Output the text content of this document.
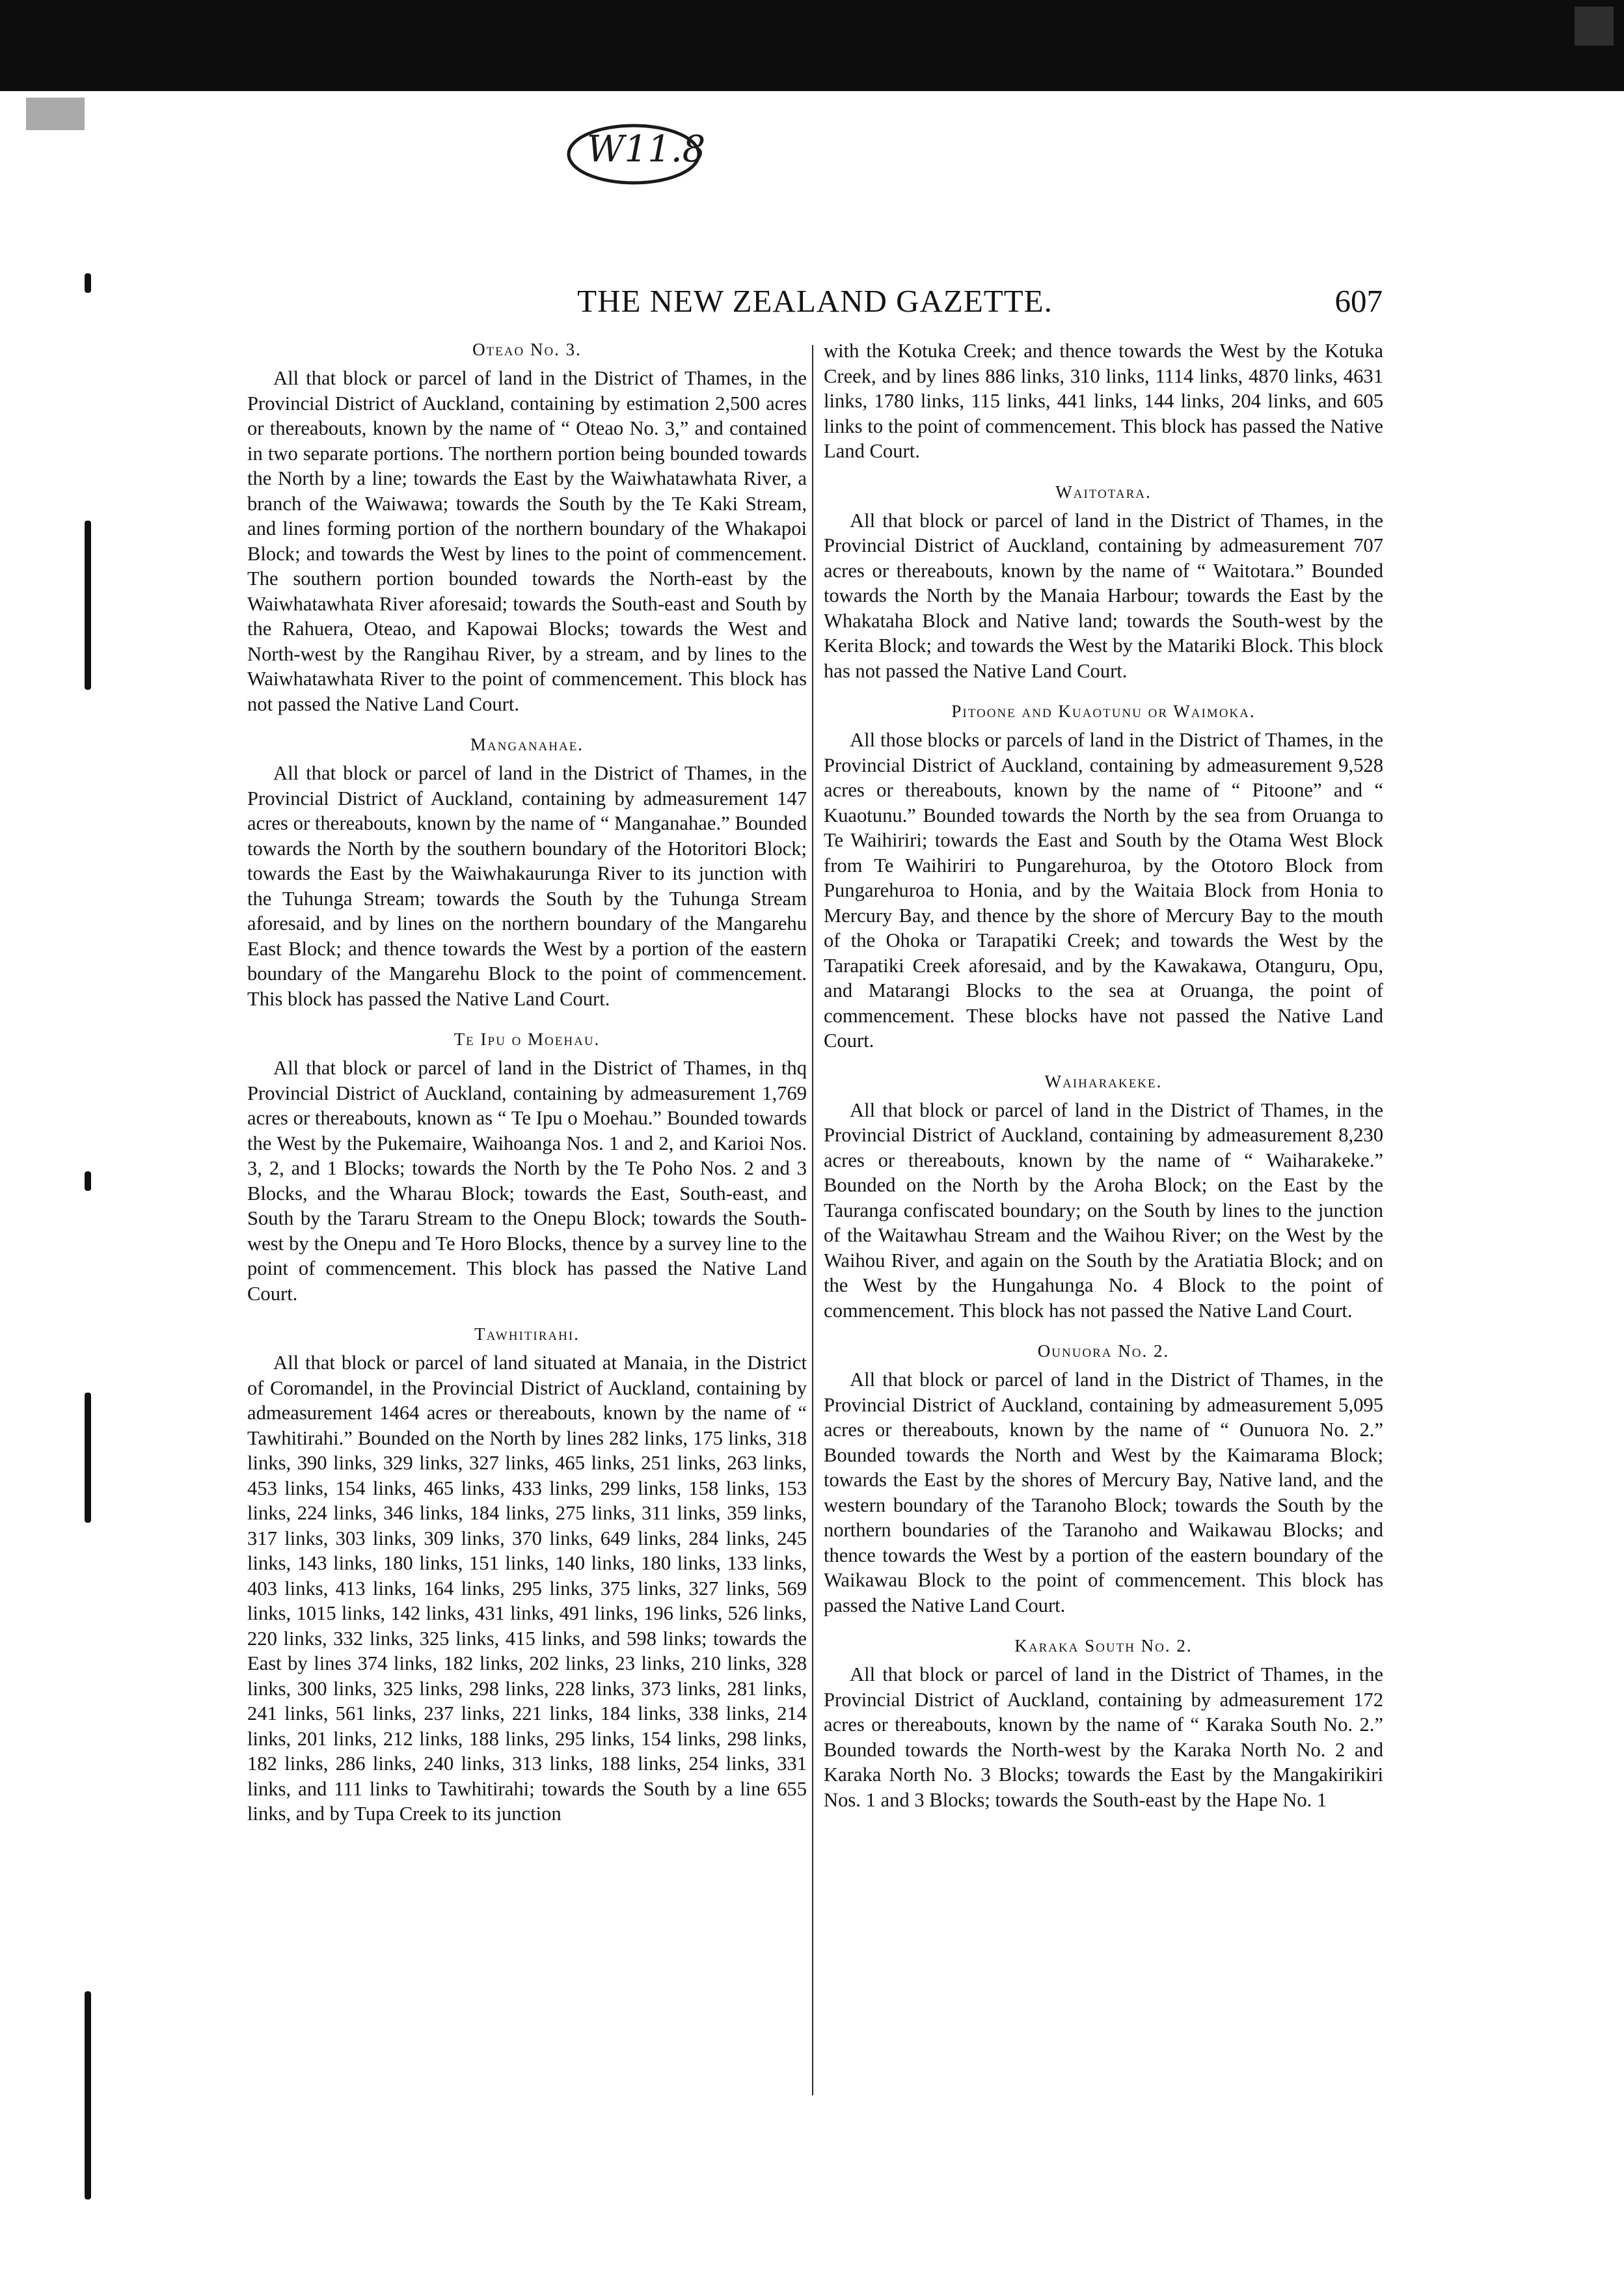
W11.8
THE NEW ZEALAND GAZETTE.	607
Oteao No. 3.

All that block or parcel of land in the District of Thames, in the Provincial District of Auckland, containing by estimation 2,500 acres or thereabouts, known by the name of “ Oteao No. 3,” and contained in two separate portions. The northern portion being bounded towards the North by a line; towards the East by the Waiwhatawhata River, a branch of the Waiwawa; towards the South by the Te Kaki Stream, and lines forming portion of the northern boundary of the Whakapoi Block; and towards the West by lines to the point of commencement. The southern portion bounded towards the North-east by the Waiwhatawhata River aforesaid; towards the South-east and South by the Rahuera, Oteao, and Kapowai Blocks; towards the West and North-west by the Rangihau River, by a stream, and by lines to the Waiwhatawhata River to the point of commencement. This block has not passed the Native Land Court.

Manganahae.

All that block or parcel of land in the District of Thames, in the Provincial District of Auckland, containing by admeasurement 147 acres or thereabouts, known by the name of “ Manganahae.” Bounded towards the North by the southern boundary of the Hotoritori Block; towards the East by the Waiwhakaurunga River to its junction with the Tuhunga Stream; towards the South by the Tuhunga Stream aforesaid, and by lines on the northern boundary of the Mangarehu East Block; and thence towards the West by a portion of the eastern boundary of the Mangarehu Block to the point of commencement. This block has passed the Native Land Court.

Te Ipu o Moehau.

All that block or parcel of land in the District of Thames, in thq Provincial District of Auckland, containing by admeasurement 1,769 acres or thereabouts, known as “ Te Ipu o Moehau.” Bounded towards the West by the Pukemaire, Waihoanga Nos. 1 and 2, and Karioi Nos. 3, 2, and 1 Blocks; towards the North by the Te Poho Nos. 2 and 3 Blocks, and the Wharau Block; towards the East, South-east, and South by the Tararu Stream to the Onepu Block; towards the South-west by the Onepu and Te Horo Blocks, thence by a survey line to the point of commencement. This block has passed the Native Land Court.

Tawhitirahi.

All that block or parcel of land situated at Manaia, in the District of Coromandel, in the Provincial District of Auckland, containing by admeasurement 1464 acres or thereabouts, known by the name of “ Tawhitirahi.” Bounded on the North by lines 282 links, 175 links, 318 links, 390 links, 329 links, 327 links, 465 links, 251 links, 263 links, 453 links, 154 links, 465 links, 433 links, 299 links, 158 links, 153 links, 224 links, 346 links, 184 links, 275 links, 311 links, 359 links, 317 links, 303 links, 309 links, 370 links, 649 links, 284 links, 245 links, 143 links, 180 links, 151 links, 140 links, 180 links, 133 links, 403 links, 413 links, 164 links, 295 links, 375 links, 327 links, 569 links, 1015 links, 142 links, 431 links, 491 links, 196 links, 526 links, 220 links, 332 links, 325 links, 415 links, and 598 links; towards the East by lines 374 links, 182 links, 202 links, 23 links, 210 links, 328 links, 300 links, 325 links, 298 links, 228 links, 373 links, 281 links, 241 links, 561 links, 237 links, 221 links, 184 links, 338 links, 214 links, 201 links, 212 links, 188 links, 295 links, 154 links, 298 links, 182 links, 286 links, 240 links, 313 links, 188 links, 254 links, 331 links, and 111 links to Tawhitirahi; towards the South by a line 655 links, and by Tupa Creek to its junction

with the Kotuka Creek; and thence towards the West by the Kotuka Creek, and by lines 886 links, 310 links, 1114 links, 4870 links, 4631 links, 1780 links, 115 links, 441 links, 144 links, 204 links, and 605 links to the point of commencement. This block has passed the Native Land Court.

Waitotara.

All that block or parcel of land in the District of Thames, in the Provincial District of Auckland, containing by admeasurement 707 acres or thereabouts, known by the name of “ Waitotara.” Bounded towards the North by the Manaia Harbour; towards the East by the Whakataha Block and Native land; towards the South-west by the Kerita Block; and towards the West by the Matariki Block. This block has not passed the Native Land Court.

Pitoone and Kuaotunu or Waimoka.

All those blocks or parcels of land in the District of Thames, in the Provincial District of Auckland, containing by admeasurement 9,528 acres or thereabouts, known by the name of “ Pitoone” and “ Kuaotunu.” Bounded towards the North by the sea from Oruanga to Te Waihiriri; towards the East and South by the Otama West Block from Te Waihiriri to Pungarehuroa, by the Ototoro Block from Pungarehuroa to Honia, and by the Waitaia Block from Honia to Mercury Bay, and thence by the shore of Mercury Bay to the mouth of the Ohoka or Tarapatiki Creek; and towards the West by the Tarapatiki Creek aforesaid, and by the Kawakawa, Otanguru, Opu, and Matarangi Blocks to the sea at Oruanga, the point of commencement. These blocks have not passed the Native Land Court.

Waiharakeke.

All that block or parcel of land in the District of Thames, in the Provincial District of Auckland, containing by admeasurement 8,230 acres or thereabouts, known by the name of “ Waiharakeke.” Bounded on the North by the Aroha Block; on the East by the Tauranga confiscated boundary; on the South by lines to the junction of the Waitawhau Stream and the Waihou River; on the West by the Waihou River, and again on the South by the Aratiatia Block; and on the West by the Hungahunga No. 4 Block to the point of commencement. This block has not passed the Native Land Court.

Ounuora No. 2.

All that block or parcel of land in the District of Thames, in the Provincial District of Auckland, containing by admeasurement 5,095 acres or thereabouts, known by the name of “ Ounuora No. 2.” Bounded towards the North and West by the Kaimarama Block; towards the East by the shores of Mercury Bay, Native land, and the western boundary of the Taranoho Block; towards the South by the northern boundaries of the Taranoho and Waikawau Blocks; and thence towards the West by a portion of the eastern boundary of the Waikawau Block to the point of commencement. This block has passed the Native Land Court.

Karaka South No. 2.

All that block or parcel of land in the District of Thames, in the Provincial District of Auckland, containing by admeasurement 172 acres or thereabouts, known by the name of “ Karaka South No. 2.” Bounded towards the North-west by the Karaka North No. 2 and Karaka North No. 3 Blocks; towards the East by the Mangakirikiri Nos. 1 and 3 Blocks; towards the South-east by the Hape No. 1
